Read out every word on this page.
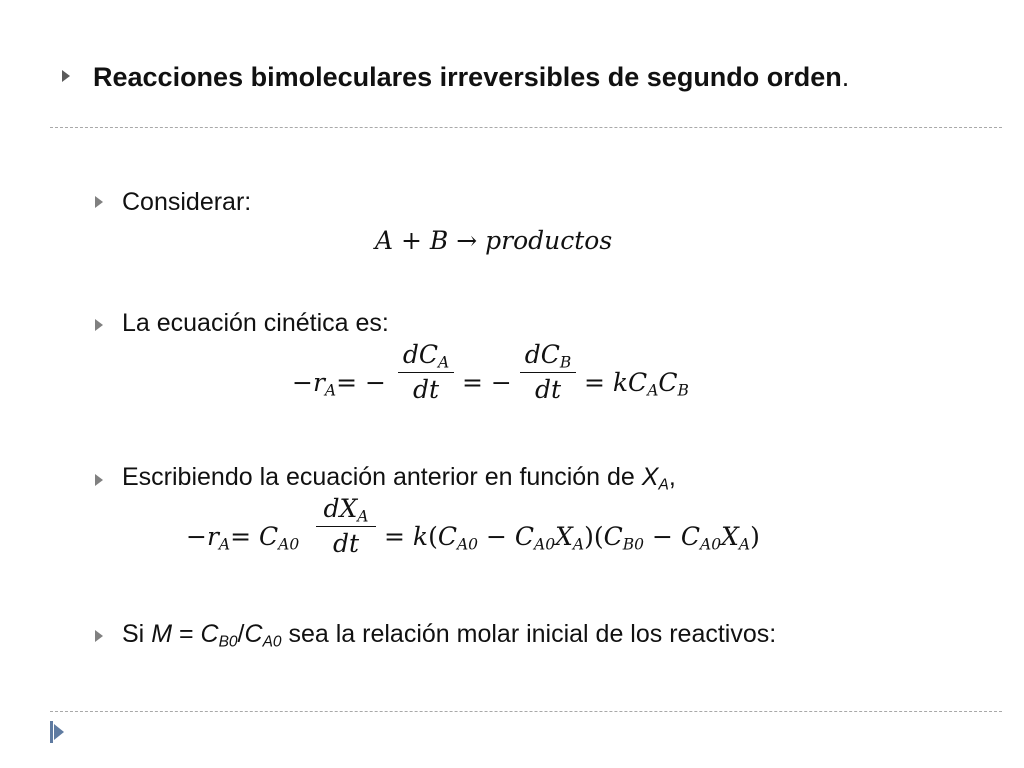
Reacciones bimoleculares irreversibles de segundo orden.
Considerar:
A + B → productos
La ecuación cinética es:
$-r_A=$ −
$dC_A$
dt = −
$dC_B$
dt = $kC_AC_B$
Escribiendo la ecuación anterior en función de $X_A$,
$-r_A= C_{A0}$
$dX_A$
dt = $k(C_{A0} - C_{A0}X_A)(C_{B0} - C_{A0}X_A)$
Si $M = C_{B0}/C_{A0}$ sea la relación molar inicial de los reactivos:
